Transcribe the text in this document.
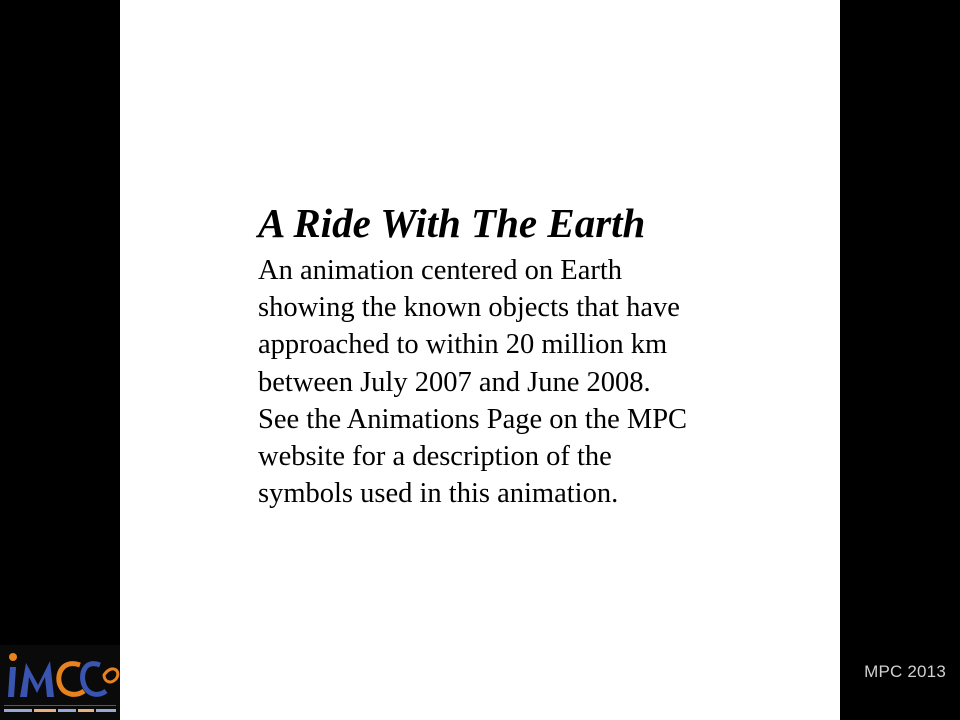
A Ride With The Earth

An animation centered on Earth
showing the known objects that have
approached to within 20 million km
between July 2007 and June 2008.
See the Animations Page on the MPC
website for a description of the
symbols used in this animation.

MPC 2013
